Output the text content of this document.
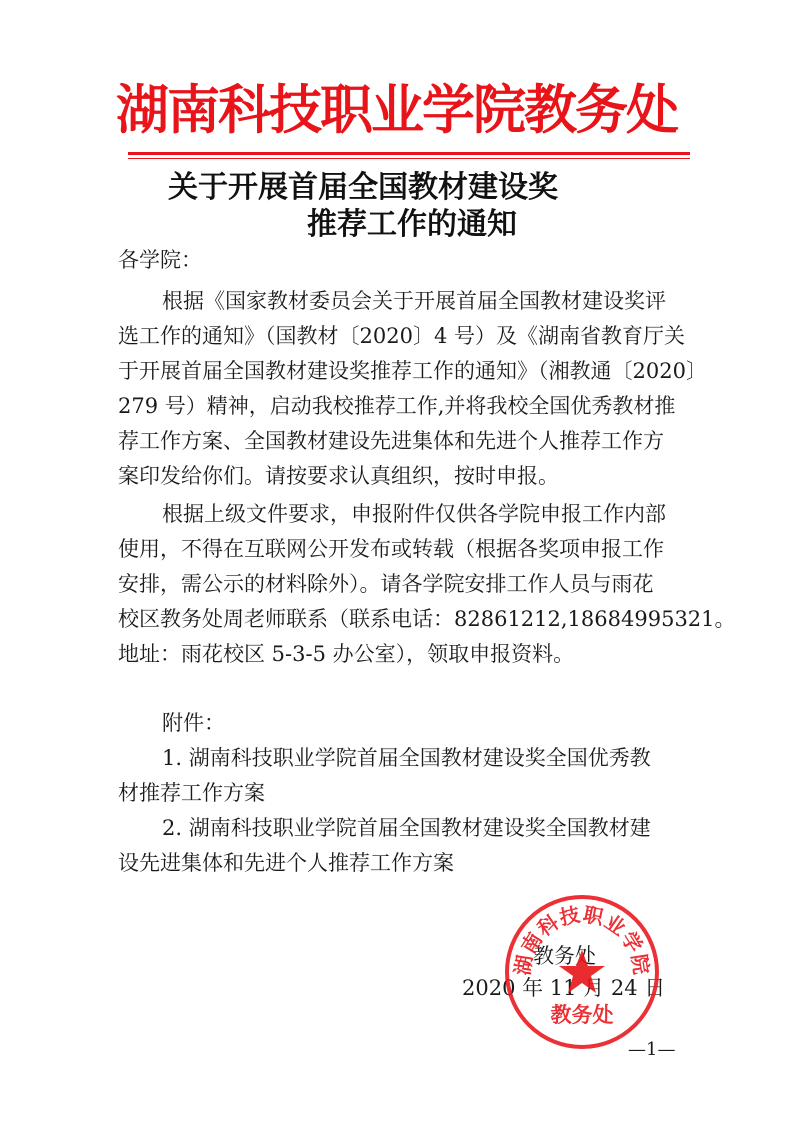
湖南科技职业学院教务处
关于开展首届全国教材建设奖
推荐工作的通知
各学院：
根据《国家教材委员会关于开展首届全国教材建设奖评
选工作的通知》（国教材〔2020〕4 号）及《湖南省教育厅关
于开展首届全国教材建设奖推荐工作的通知》（湘教通〔2020〕
279 号）精神，启动我校推荐工作,并将我校全国优秀教材推
荐工作方案、全国教材建设先进集体和先进个人推荐工作方
案印发给你们。请按要求认真组织，按时申报。
根据上级文件要求，申报附件仅供各学院申报工作内部
使用，不得在互联网公开发布或转载（根据各奖项申报工作
安排，需公示的材料除外）。请各学院安排工作人员与雨花
校区教务处周老师联系（联系电话：82861212,18684995321。
地址：雨花校区 5-3-5 办公室），领取申报资料。
附件：
1. 湖南科技职业学院首届全国教材建设奖全国优秀教
材推荐工作方案
2. 湖南科技职业学院首届全国教材建设奖全国教材建
设先进集体和先进个人推荐工作方案
教务处
2020 年 11 月 24 日
湖南科技职业学院
教务处
—1—
